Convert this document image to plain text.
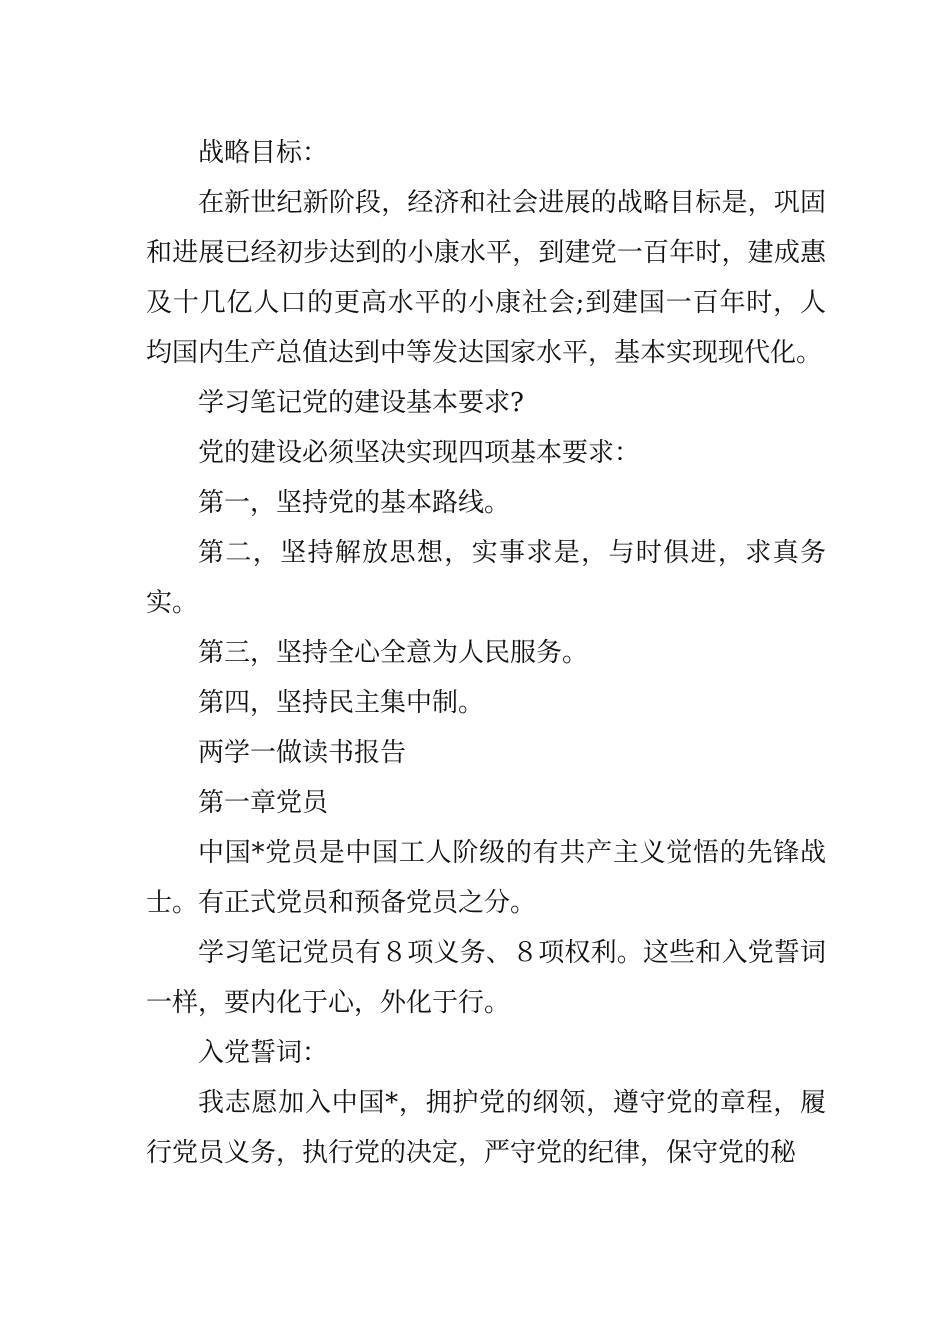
战略目标：

在新世纪新阶段，经济和社会进展的战略目标是，巩固和进展已经初步达到的小康水平，到建党一百年时，建成惠及十几亿人口的更高水平的小康社会;到建国一百年时，人均国内生产总值达到中等发达国家水平，基本实现现代化。

学习笔记党的建设基本要求?

党的建设必须坚决实现四项基本要求：

第一，坚持党的基本路线。

第二，坚持解放思想，实事求是，与时俱进，求真务实。

第三，坚持全心全意为人民服务。

第四，坚持民主集中制。

两学一做读书报告

第一章党员

中国*党员是中国工人阶级的有共产主义觉悟的先锋战士。有正式党员和预备党员之分。

学习笔记党员有８项义务、８项权利。这些和入党誓词一样，要内化于心，外化于行。

入党誓词：

我志愿加入中国*，拥护党的纲领，遵守党的章程，履行党员义务，执行党的决定，严守党的纪律，保守党的秘
